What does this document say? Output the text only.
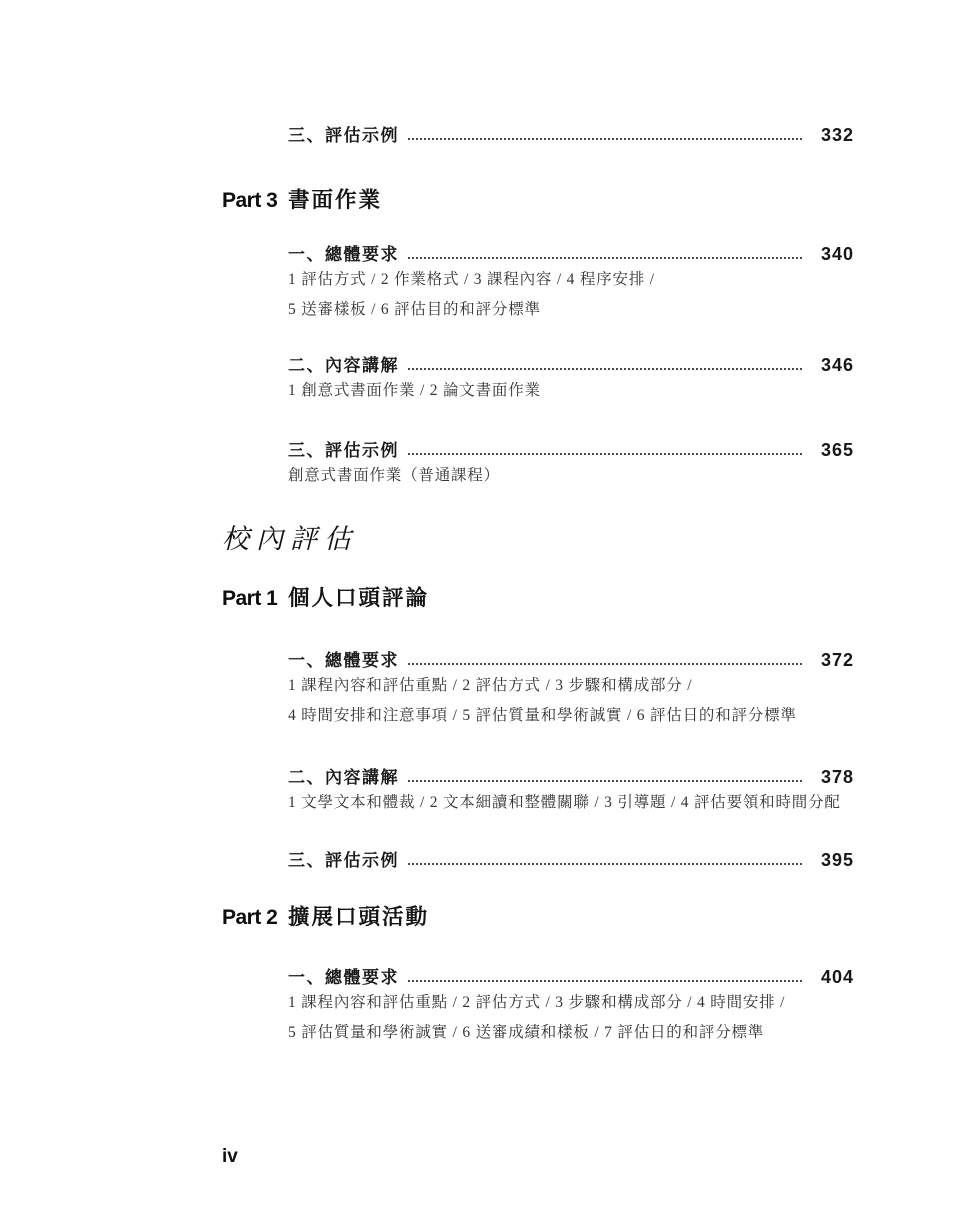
三、評估示例	332
Part 3 書面作業
一、總體要求	340
1 評估方式 / 2 作業格式 / 3 課程內容 / 4 程序安排 /
5 送審樣板 / 6 評估目的和評分標準
二、內容講解	346
1 創意式書面作業 / 2 論文書面作業
三、評估示例	365
創意式書面作業（普通課程）
校內評估
Part 1 個人口頭評論
一、總體要求	372
1 課程內容和評估重點 / 2 評估方式 / 3 步驟和構成部分 /
4 時間安排和注意事項 / 5 評估質量和學術誠實 / 6 評估日的和評分標準
二、內容講解	378
1 文學文本和體裁 / 2 文本細讀和整體關聯 / 3 引導題 / 4 評估要領和時間分配
三、評估示例	395
Part 2 擴展口頭活動
一、總體要求	404
1 課程內容和評估重點 / 2 評估方式 / 3 步驟和構成部分 / 4 時間安排 /
5 評估質量和學術誠實 / 6 送審成績和樣板 / 7 評估日的和評分標準
iv
